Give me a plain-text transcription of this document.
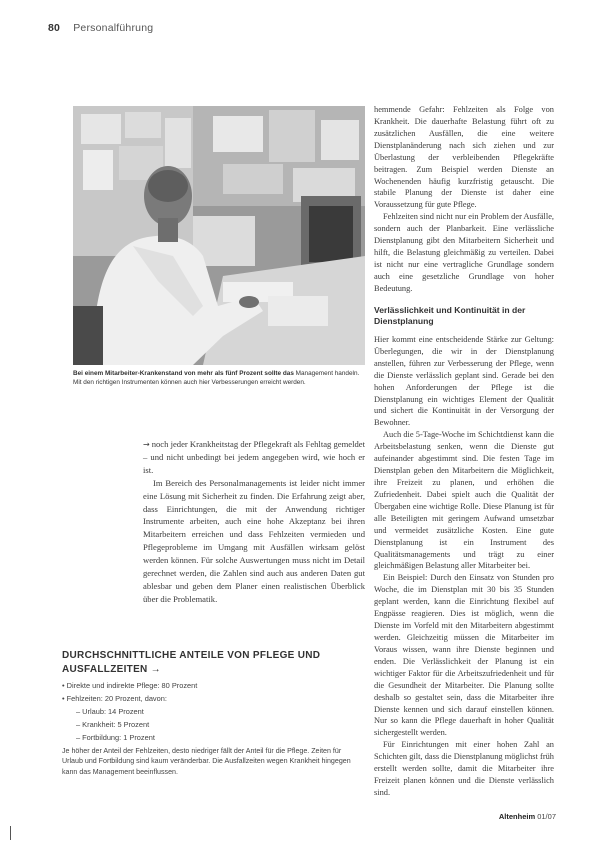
80 Personalführung
Bei einem Mitarbeiter-Krankenstand von mehr als fünf Prozent sollte das Management handeln. Mit den richtigen Instrumenten können auch hier Verbesserungen erreicht werden.

→ noch jeder Krankheitstag der Pflegekraft als Fehltag gemeldet – und nicht unbedingt bei jedem angegeben wird, wie hoch er ist.

Im Bereich des Personalmanagements ist leider nicht immer eine Lösung mit Sicherheit zu finden. Die Erfahrung zeigt aber, dass Einrichtungen, die mit der Anwendung richtiger Instrumente arbeiten, auch eine hohe Akzeptanz bei ihren Mitarbeitern erreichen und dass Fehlzeiten vermieden und Pflegeprobleme im Umgang mit Ausfällen wirksam gelöst werden können. Für solche Auswertungen muss nicht im Detail gerechnet werden, die Zahlen sind auch aus anderen Daten gut ablesbar und geben dem Planer einen realistischen Überblick über die Problematik.

DURCHSCHNITTLICHE ANTEILE VON PFLEGE UND AUSFALLZEITEN →
• Direkte und indirekte Pflege: 80 Prozent
• Fehlzeiten: 20 Prozent, davon:
– Urlaub: 14 Prozent
– Krankheit: 5 Prozent
– Fortbildung: 1 Prozent
Je höher der Anteil der Fehlzeiten, desto niedriger fällt der Anteil für die Pflege. Zeiten für Urlaub und Fortbildung sind kaum veränderbar. Die Ausfallzeiten wegen Krankheit hingegen kann das Management beeinflussen.

hemmende Gefahr: Fehlzeiten als Folge von Krankheit. Die dauerhafte Belastung führt oft zu zusätzlichen Ausfällen, die eine weitere Dienstplanänderung nach sich ziehen und zur Überlastung der verbleibenden Pflegekräfte beitragen. Zum Beispiel werden Dienste an Wochenenden häufig kurzfristig getauscht. Die stabile Planung der Dienste ist daher eine Voraussetzung für gute Pflege.

Fehlzeiten sind nicht nur ein Problem der Ausfälle, sondern auch der Planbarkeit. Eine verlässliche Dienstplanung gibt den Mitarbeitern Sicherheit und hilft, die Belastung gleichmäßig zu verteilen. Dabei ist nicht nur eine vertragliche Grundlage sondern auch eine gesetzliche Grundlage von hoher Bedeutung.

Verlässlichkeit und Kontinuität in der Dienstplanung

Hier kommt eine entscheidende Stärke zur Geltung: Überlegungen, die wir in der Dienstplanung anstellen, führen zur Verbesserung der Pflege, wenn die Dienste verlässlich geplant sind. Gerade bei den hohen Anforderungen der Pflege ist die Dienstplanung ein wichtiges Element der Qualität und sichert die Kontinuität in der Versorgung der Bewohner.

Auch die 5-Tage-Woche im Schichtdienst kann die Arbeitsbelastung senken, wenn die Dienste gut aufeinander abgestimmt sind. Die festen Tage im Dienstplan geben den Mitarbeitern die Möglichkeit, ihre Freizeit zu planen, und erhöhen die Zufriedenheit. Dabei spielt auch die Qualität der Übergaben eine wichtige Rolle. Diese Planung ist für alle Beteiligten mit geringem Aufwand umsetzbar und vermeidet zusätzliche Kosten. Eine gute Dienstplanung ist ein Instrument des Qualitätsmanagements und trägt zu einer gleichmäßigen Belastung aller Mitarbeiter bei.

Ein Beispiel: Durch den Einsatz von Stunden pro Woche, die im Dienstplan mit 30 bis 35 Stunden geplant werden, kann die Einrichtung flexibel auf Engpässe reagieren. Dies ist möglich, wenn die Dienste im Vorfeld mit den Mitarbeitern abgestimmt werden. Gleichzeitig müssen die Mitarbeiter im Voraus wissen, wann ihre Dienste beginnen und enden. Die Verlässlichkeit der Planung ist ein wichtiger Faktor für die Arbeitszufriedenheit und für die Gesundheit der Mitarbeiter. Die Planung sollte deshalb so gestaltet sein, dass die Mitarbeiter ihre Dienste kennen und sich darauf einstellen können. Nur so kann die Pflege dauerhaft in hoher Qualität sichergestellt werden.

Für Einrichtungen mit einer hohen Zahl an Schichten gilt, dass die Dienstplanung möglichst früh erstellt werden sollte, damit die Mitarbeiter ihre Freizeit planen können und die Dienste verlässlich sind.

Altenheim 01/07
